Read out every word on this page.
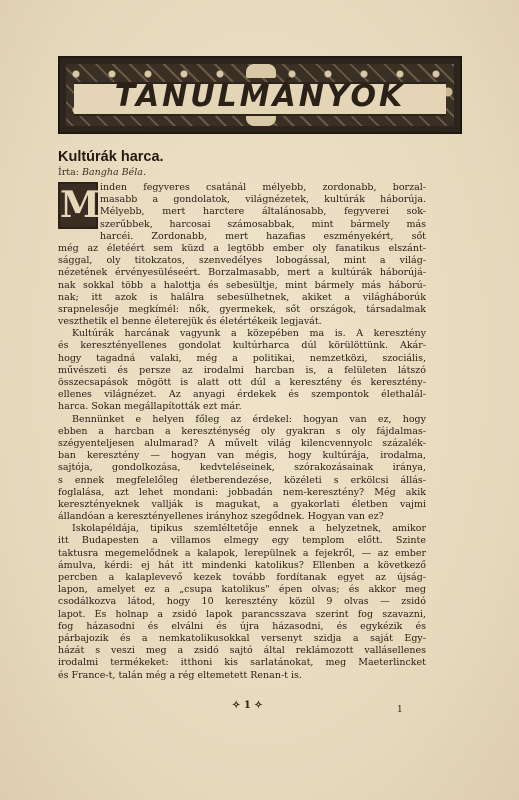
TANULMÁNYOK
Kultúrák harca.
Írta: Bangha Béla.
M inden fegyveres csatánál mélyebb, zordonabb, borzal-
masabb a gondolatok, világnézetek, kultúrák háborúja.
Mélyebb, mert harctere általánosabb, fegyverei sok-
szerűbbek, harcosai számosabbak, mint bármely más
harcéi. Zordonabb, mert hazafias eszményekért, sőt
még az életéért sem küzd a legtöbb ember oly fanatikus elszánt-
sággal, oly titokzatos, szenvedélyes lobogással, mint a világ-
nézetének érvényesüléseért. Borzalmasabb, mert a kultúrák háborújá-
nak sokkal több a halottja és sebesültje, mint bármely más háború-
nak; itt azok is halálra sebesülhetnek, akiket a világháborúk
srapnelesője megkímél: nők, gyermekek, sőt országok, társadalmak
veszthetik el benne életerejük és életértékeik legjavát.
Kultúrák harcának vagyunk a közepében ma is. A keresztény
és keresztényellenes gondolat kultúrharca dúl körülöttünk. Akár-
hogy tagadná valaki, még a politikai, nemzetközi, szociális,
művészeti és persze az irodalmi harcban is, a felületen látszó
összecsapások mögött is alatt ott dúl a keresztény és keresztény-
ellenes világnézet. Az anyagi érdekek és szempontok élethalál-
harca. Sokan megállapították ezt már.
Bennünket e helyen főleg az érdekel: hogyan van ez, hogy
ebben a harcban a kereszténység oly gyakran s oly fájdalmas-
szégyenteljesen alulmarad? A művelt világ kilencvennyolc százalék-
ban keresztény — hogyan van mégis, hogy kultúrája, irodalma,
sajtója, gondolkozása, kedvteléseinek, szórakozásainak iránya,
s ennek megfelelőleg életberendezése, közéleti s erkölcsi állás-
foglalása, azt lehet mondani: jobbadán nem-keresztény? Még akik
keresztényeknek vallják is magukat, a gyakorlati életben vajmi
állandóan a keresztényellenes irányhoz szegődnek. Hogyan van ez?
Iskolapéldája, tipikus szemléltetője ennek a helyzetnek, amikor
itt Budapesten a villamos elmegy egy templom előtt. Szinte
taktusra megemelődnek a kalapok, lerepülnek a fejekről, — az ember
ámulva, kérdi: ej hát itt mindenki katolikus? Ellenben a következő
percben a kalaplevevő kezek tovább fordítanak egyet az újság-
lapon, amelyet ez a „csupa katolikus" épen olvas; és akkor meg
csodálkozva látod, hogy 10 keresztény közül 9 olvas — zsidó
lapot. És holnap a zsidó lapok parancsszava szerint fog szavazni,
fog házasodni és elválni és újra házasodni, és egykézik és
párbajozik és a nemkatolikusokkal versenyt szidja a saját Egy-
házát s veszi meg a zsidó sajtó által reklámozott vallásellenes
irodalmi termékeket: itthoni kis sarlatánokat, meg Maeterlincket
és France-t, talán még a rég eltemetett Renan-t is.
✧ 1 ✧	1
